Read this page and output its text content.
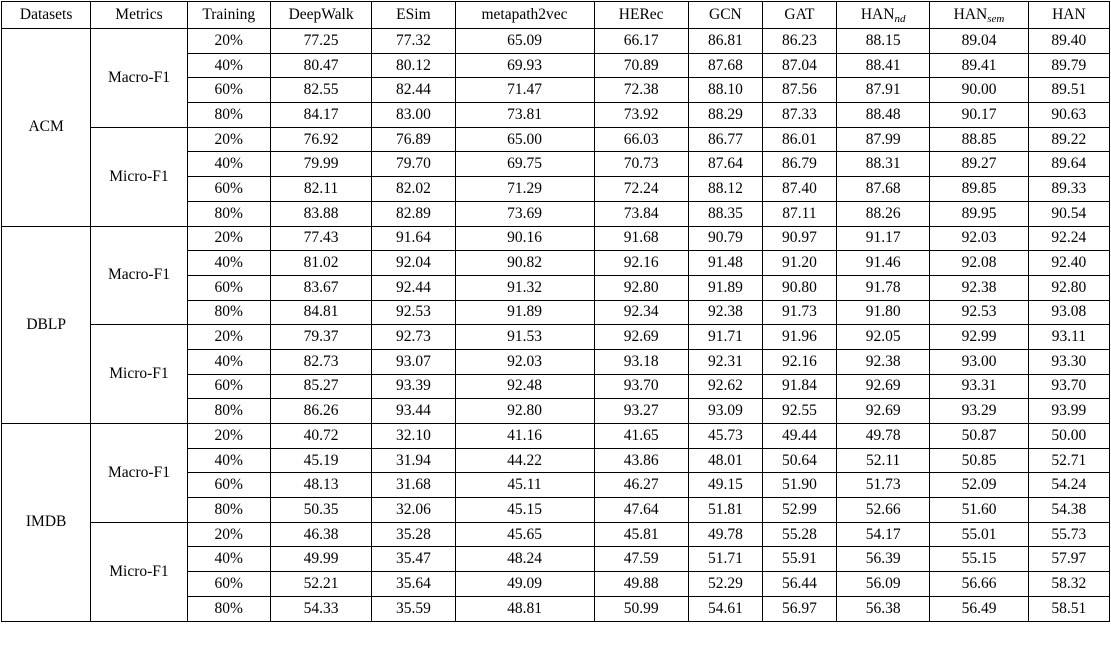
Datasets	Metrics	Training	DeepWalk	ESim	metapath2vec	HERec	GCN	GAT	$HAN_{nd}$	$HAN_{sem}$	HAN
ACM	Macro-F1	20%	77.25	77.32	65.09	66.17	86.81	86.23	88.15	89.04	89.40
		40%	80.47	80.12	69.93	70.89	87.68	87.04	88.41	89.41	89.79
		60%	82.55	82.44	71.47	72.38	88.10	87.56	87.91	90.00	89.51
		80%	84.17	83.00	73.81	73.92	88.29	87.33	88.48	90.17	90.63
	Micro-F1	20%	76.92	76.89	65.00	66.03	86.77	86.01	87.99	88.85	89.22
		40%	79.99	79.70	69.75	70.73	87.64	86.79	88.31	89.27	89.64
		60%	82.11	82.02	71.29	72.24	88.12	87.40	87.68	89.85	89.33
		80%	83.88	82.89	73.69	73.84	88.35	87.11	88.26	89.95	90.54
DBLP	Macro-F1	20%	77.43	91.64	90.16	91.68	90.79	90.97	91.17	92.03	92.24
		40%	81.02	92.04	90.82	92.16	91.48	91.20	91.46	92.08	92.40
		60%	83.67	92.44	91.32	92.80	91.89	90.80	91.78	92.38	92.80
		80%	84.81	92.53	91.89	92.34	92.38	91.73	91.80	92.53	93.08
	Micro-F1	20%	79.37	92.73	91.53	92.69	91.71	91.96	92.05	92.99	93.11
		40%	82.73	93.07	92.03	93.18	92.31	92.16	92.38	93.00	93.30
		60%	85.27	93.39	92.48	93.70	92.62	91.84	92.69	93.31	93.70
		80%	86.26	93.44	92.80	93.27	93.09	92.55	92.69	93.29	93.99
IMDB	Macro-F1	20%	40.72	32.10	41.16	41.65	45.73	49.44	49.78	50.87	50.00
		40%	45.19	31.94	44.22	43.86	48.01	50.64	52.11	50.85	52.71
		60%	48.13	31.68	45.11	46.27	49.15	51.90	51.73	52.09	54.24
		80%	50.35	32.06	45.15	47.64	51.81	52.99	52.66	51.60	54.38
	Micro-F1	20%	46.38	35.28	45.65	45.81	49.78	55.28	54.17	55.01	55.73
		40%	49.99	35.47	48.24	47.59	51.71	55.91	56.39	55.15	57.97
		60%	52.21	35.64	49.09	49.88	52.29	56.44	56.09	56.66	58.32
		80%	54.33	35.59	48.81	50.99	54.61	56.97	56.38	56.49	58.51
